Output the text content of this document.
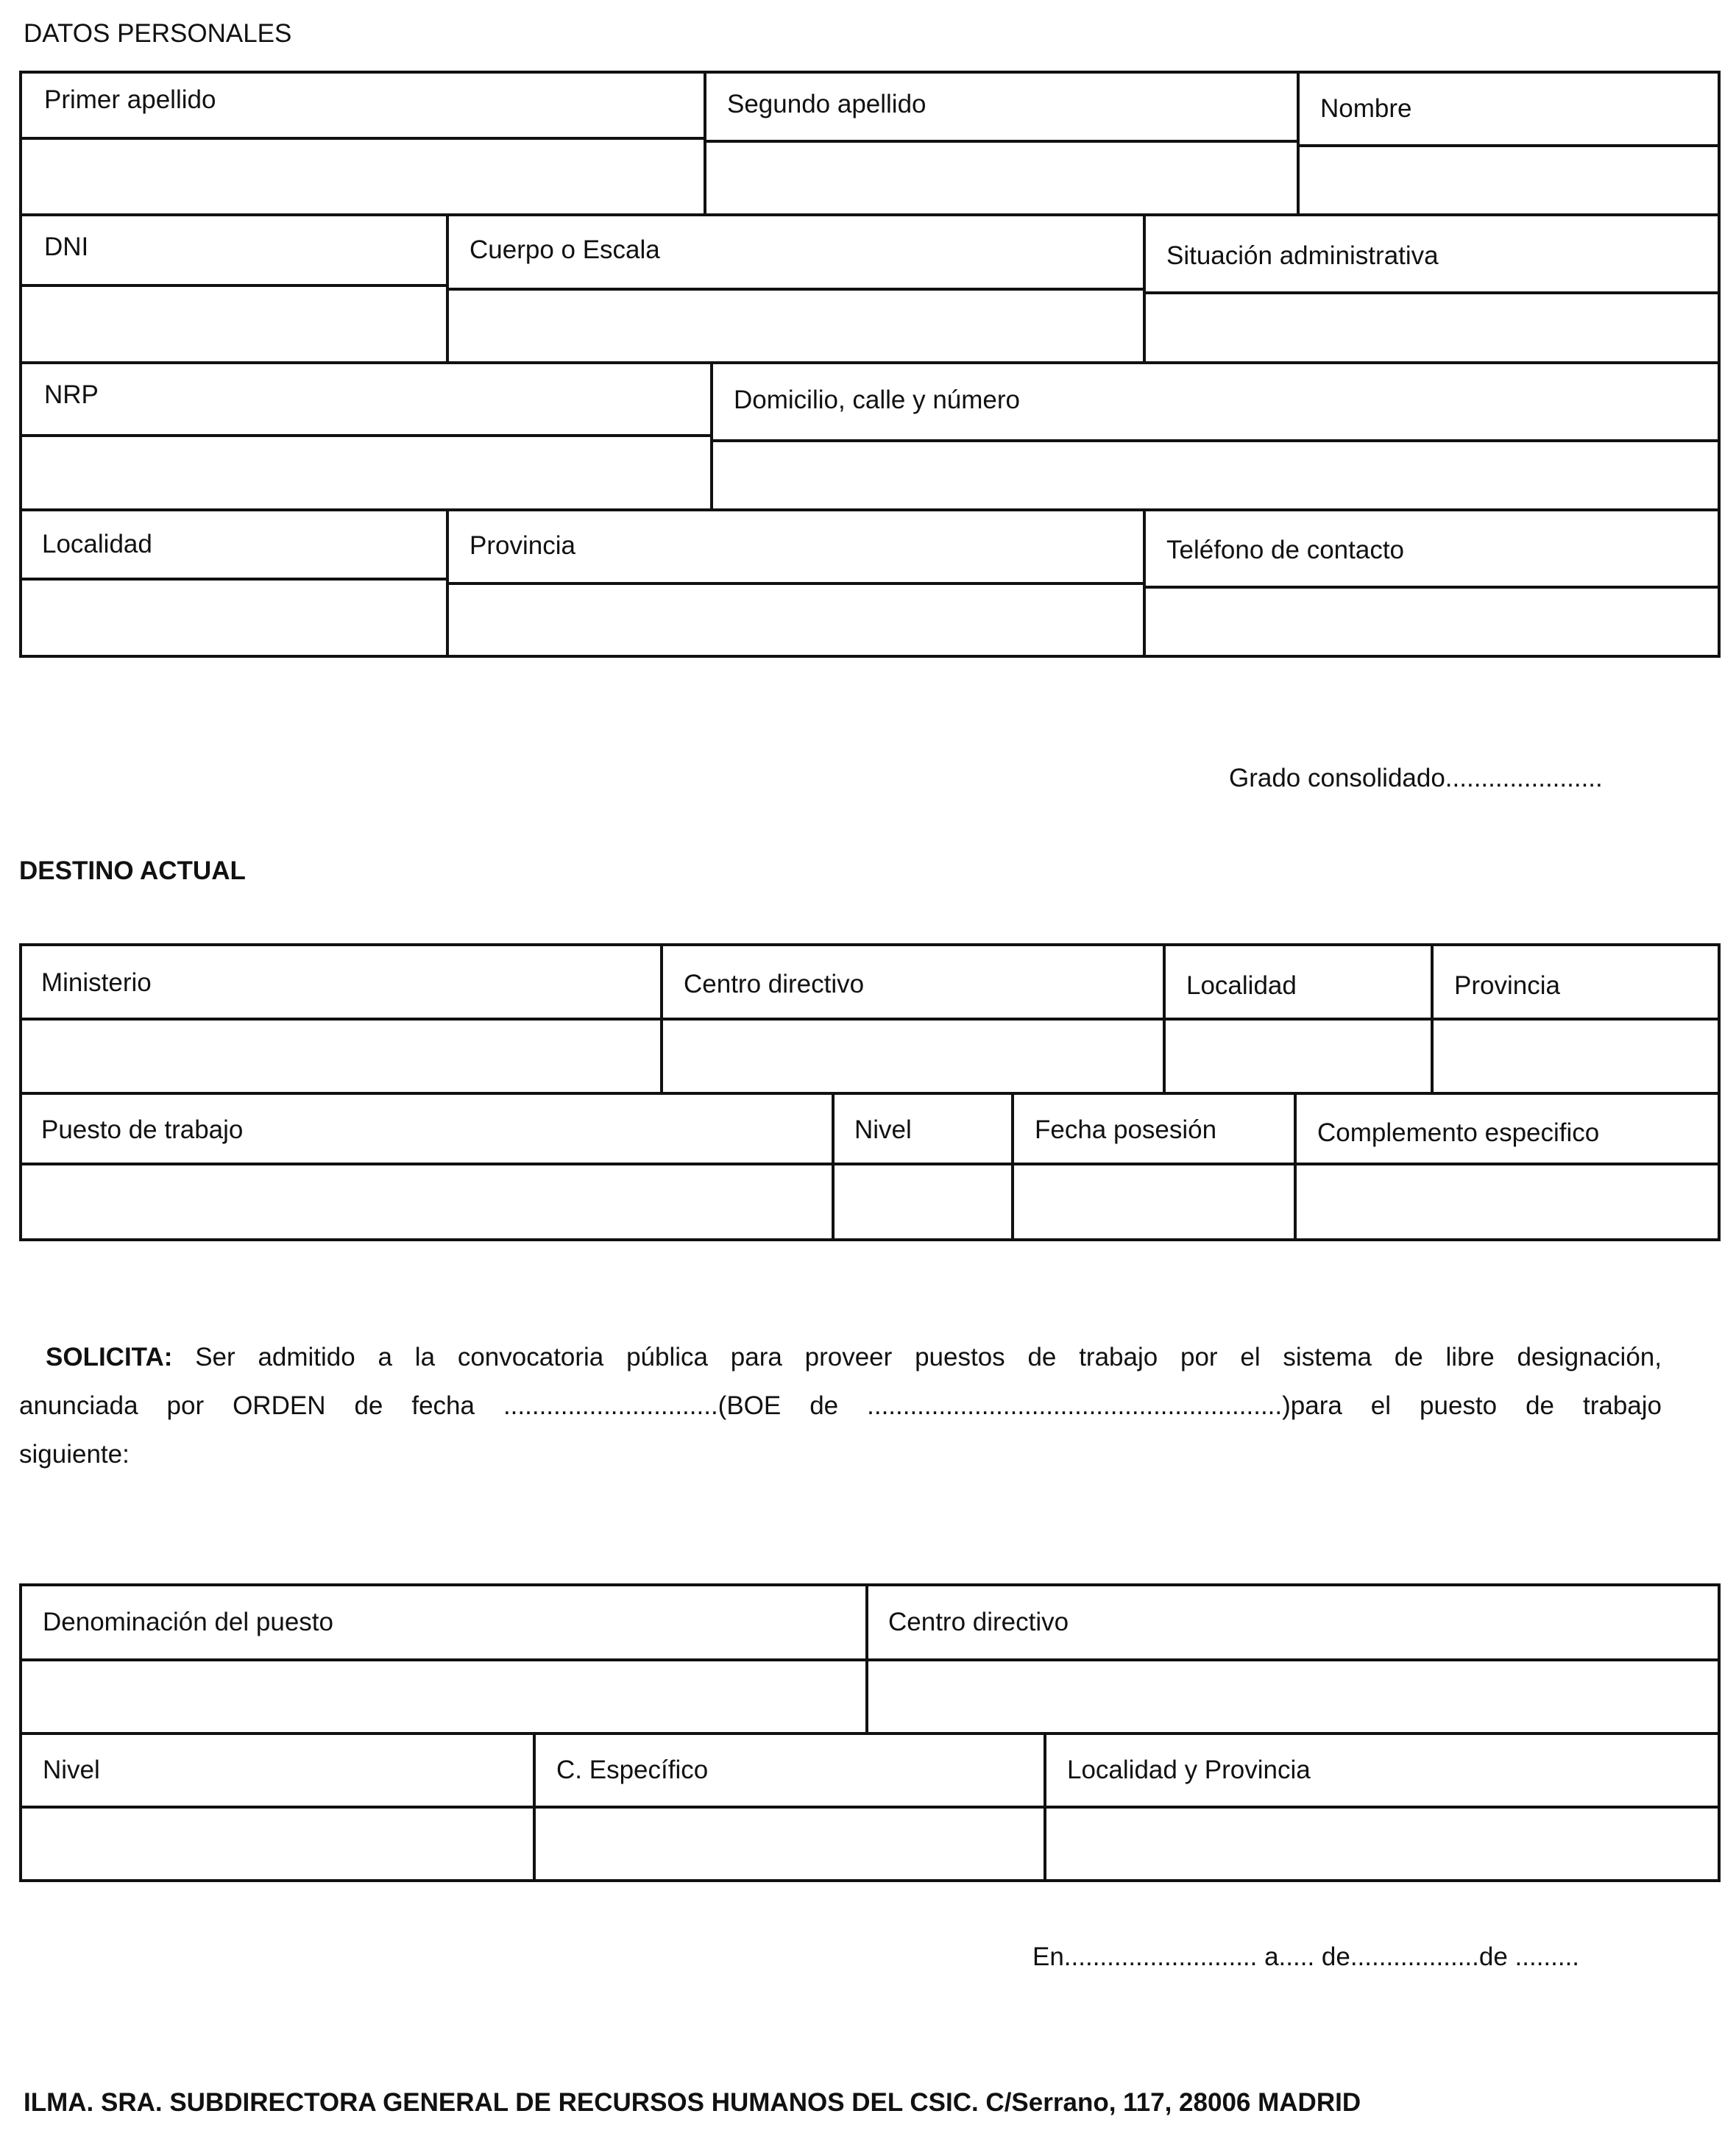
DATOS PERSONALES
Primer apellido	Segundo apellido	Nombre
DNI	Cuerpo o Escala	Situación administrativa
NRP	Domicilio, calle y número
Localidad	Provincia	Teléfono de contacto
Grado consolidado......................
DESTINO ACTUAL
Ministerio	Centro directivo	Localidad	Provincia
Puesto de trabajo	Nivel	Fecha posesión	Complemento especifico
SOLICITA: Ser admitido a la convocatoria pública para proveer puestos de trabajo por el sistema de libre designación,
anunciada por ORDEN de fecha ..............................(BOE de ..........................................................)para el puesto de trabajo
siguiente:
Denominación del puesto	Centro directivo
Nivel	C. Específico	Localidad y Provincia
En........................... a..... de..................de .........
ILMA. SRA. SUBDIRECTORA GENERAL DE RECURSOS HUMANOS DEL CSIC. C/Serrano, 117, 28006 MADRID
